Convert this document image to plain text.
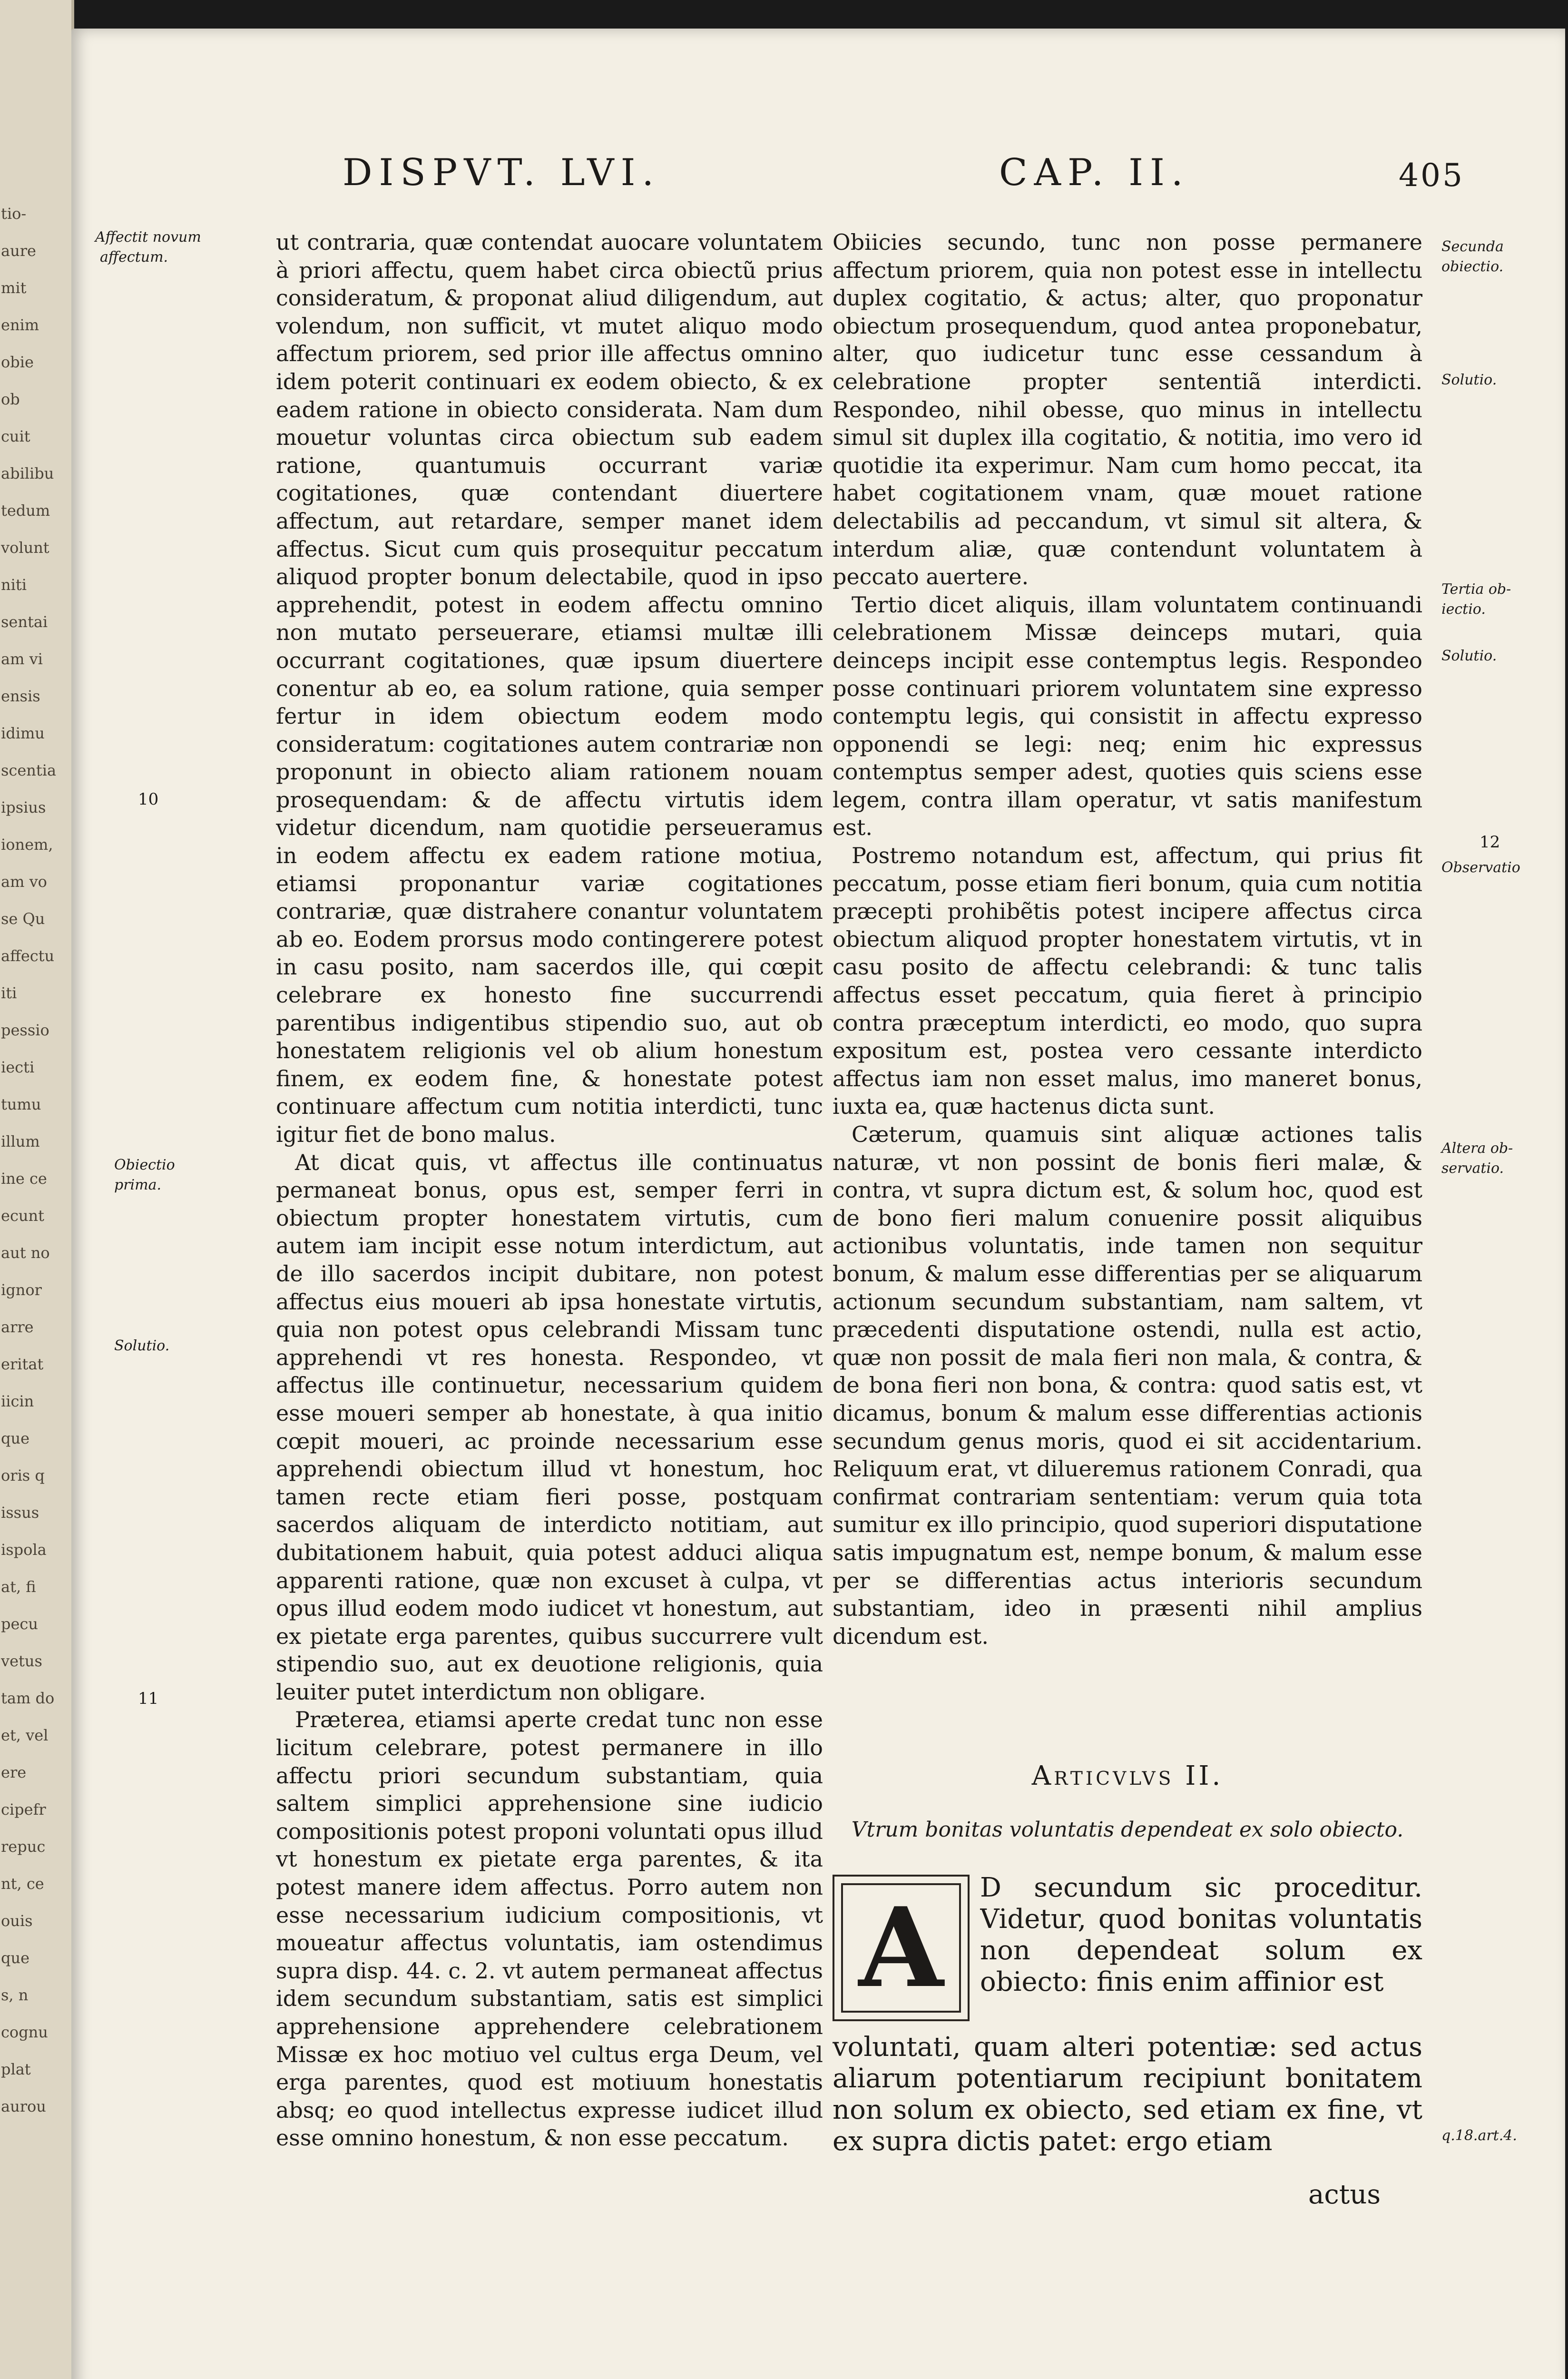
tio-
aure
mit
enim
obie
ob
cuit
abilibu
tedum
volunt
niti
sentai
am vi
ensis
idimu
scentia
ipsius
ionem,
am vo
se Qu
affectu
iti
pessio
iecti
tumu
illum
ine ce
ecunt
aut no
ignor
arre
eritat
iicin
que
oris q
issus
ispola
at, fi
pecu
vetus
tam do
et, vel
ere
cipefr
repuc
nt, ce
ouis
que
s, n
cognu
plat
aurou
DISPVT. LVI.	CAP. II.	405
Affectit novum
affectum.
10
Obiectio
prima.
Solutio.
11

ut contraria, quæ contendat auocare voluntatem à priori affectu, quem habet circa obiectũ prius consideratum, & proponat aliud diligendum, aut volendum, non sufficit, vt mutet aliquo modo affectum priorem, sed prior ille affectus omnino idem poterit continuari ex eodem obiecto, & ex eadem ratione in obiecto considerata. Nam dum mouetur voluntas circa obiectum sub eadem ratione, quantumuis occurrant variæ cogitationes, quæ contendant diuertere affectum, aut retardare, semper manet idem affectus. Sicut cum quis prosequitur peccatum aliquod propter bonum delectabile, quod in ipso apprehendit, potest in eodem affectu omnino non mutato perseuerare, etiamsi multæ illi occurrant cogitationes, quæ ipsum diuertere conentur ab eo, ea solum ratione, quia semper fertur in idem obiectum eodem modo consideratum: cogitationes autem contrariæ non proponunt in obiecto aliam rationem nouam prosequendam: & de affectu virtutis idem videtur dicendum, nam quotidie perseueramus in eodem affectu ex eadem ratione motiua, etiamsi proponantur variæ cogitationes contrariæ, quæ distrahere conantur voluntatem ab eo. Eodem prorsus modo contingerere potest in casu posito, nam sacerdos ille, qui cœpit celebrare ex honesto fine succurrendi parentibus indigentibus stipendio suo, aut ob honestatem religionis vel ob alium honestum finem, ex eodem fine, & honestate potest continuare affectum cum notitia interdicti, tunc igitur fiet de bono malus.

At dicat quis, vt affectus ille continuatus permaneat bonus, opus est, semper ferri in obiectum propter honestatem virtutis, cum autem iam incipit esse notum interdictum, aut de illo sacerdos incipit dubitare, non potest affectus eius moueri ab ipsa honestate virtutis, quia non potest opus celebrandi Missam tunc apprehendi vt res honesta. Respondeo, vt affectus ille continuetur, necessarium quidem esse moueri semper ab honestate, à qua initio cœpit moueri, ac proinde necessarium esse apprehendi obiectum illud vt honestum, hoc tamen recte etiam fieri posse, postquam sacerdos aliquam de interdicto notitiam, aut dubitationem habuit, quia potest adduci aliqua apparenti ratione, quæ non excuset à culpa, vt opus illud eodem modo iudicet vt honestum, aut ex pietate erga parentes, quibus succurrere vult stipendio suo, aut ex deuotione religionis, quia leuiter putet interdictum non obligare.

Præterea, etiamsi aperte credat tunc non esse licitum celebrare, potest permanere in illo affectu priori secundum substantiam, quia saltem simplici apprehensione sine iudicio compositionis potest proponi voluntati opus illud vt honestum ex pietate erga parentes, & ita potest manere idem affectus. Porro autem non esse necessarium iudicium compositionis, vt moueatur affectus voluntatis, iam ostendimus supra disp. 44. c. 2. vt autem permaneat affectus idem secundum substantiam, satis est simplici apprehensione apprehendere celebrationem Missæ ex hoc motiuo vel cultus erga Deum, vel erga parentes, quod est motiuum honestatis absq; eo quod intellectus expresse iudicet illud esse omnino honestum, & non esse peccatum.

Obiicies secundo, tunc non posse permanere affectum priorem, quia non potest esse in intellectu duplex cogitatio, & actus; alter, quo proponatur obiectum prosequendum, quod antea proponebatur, alter, quo iudicetur tunc esse cessandum à celebratione propter sententiã interdicti. Respondeo, nihil obesse, quo minus in intellectu simul sit duplex illa cogitatio, & notitia, imo vero id quotidie ita experimur. Nam cum homo peccat, ita habet cogitationem vnam, quæ mouet ratione delectabilis ad peccandum, vt simul sit altera, & interdum aliæ, quæ contendunt voluntatem à peccato auertere.

Tertio dicet aliquis, illam voluntatem continuandi celebrationem Missæ deinceps mutari, quia deinceps incipit esse contemptus legis. Respondeo posse continuari priorem voluntatem sine expresso contemptu legis, qui consistit in affectu expresso opponendi se legi: neq; enim hic expressus contemptus semper adest, quoties quis sciens esse legem, contra illam operatur, vt satis manifestum est.

Postremo notandum est, affectum, qui prius fit peccatum, posse etiam fieri bonum, quia cum notitia præcepti prohibẽtis potest incipere affectus circa obiectum aliquod propter honestatem virtutis, vt in casu posito de affectu celebrandi: & tunc talis affectus esset peccatum, quia fieret à principio contra præceptum interdicti, eo modo, quo supra expositum est, postea vero cessante interdicto affectus iam non esset malus, imo maneret bonus, iuxta ea, quæ hactenus dicta sunt.

Cæterum, quamuis sint aliquæ actiones talis naturæ, vt non possint de bonis fieri malæ, & contra, vt supra dictum est, & solum hoc, quod est de bono fieri malum conuenire possit aliquibus actionibus voluntatis, inde tamen non sequitur bonum, & malum esse differentias per se aliquarum actionum secundum substantiam, nam saltem, vt præcedenti disputatione ostendi, nulla est actio, quæ non possit de mala fieri non mala, & contra, & de bona fieri non bona, & contra: quod satis est, vt dicamus, bonum & malum esse differentias actionis secundum genus moris, quod ei sit accidentarium. Reliquum erat, vt dilueremus rationem Conradi, qua confirmat contrariam sententiam: verum quia tota sumitur ex illo principio, quod superiori disputatione satis impugnatum est, nempe bonum, & malum esse per se differentias actus interioris secundum substantiam, ideo in præsenti nihil amplius dicendum est.

Secunda
obiectio.
Solutio.
Tertia ob-
iectio.
Solutio.
12
Observatio
Altera ob-
servatio.
q.18.art.4.
Articvlvs II.
Vtrum bonitas voluntatis dependeat ex solo obiecto.
A	D secundum sic proceditur. Videtur, quod bonitas voluntatis non dependeat solum ex obiecto: finis enim affinior est
voluntati, quam alteri potentiæ: sed actus aliarum potentiarum recipiunt bonitatem non solum ex obiecto, sed etiam ex fine, vt ex supra dictis patet: ergo etiam
actus
